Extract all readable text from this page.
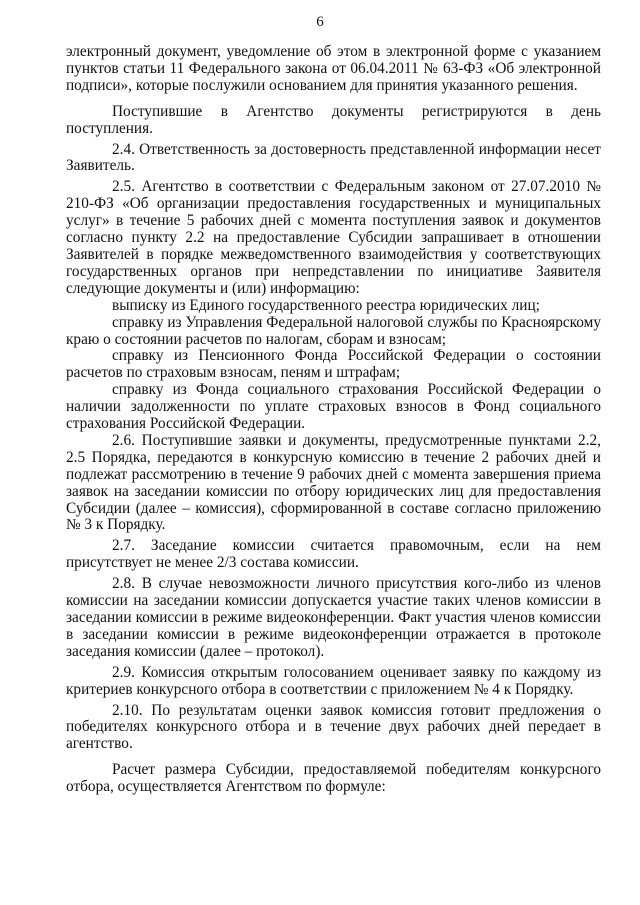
6

электронный документ, уведомление об этом в электронной форме с указанием пунктов статьи 11 Федерального закона от 06.04.2011 № 63-ФЗ «Об электронной подписи», которые послужили основанием для принятия указанного решения.

Поступившие в Агентство документы регистрируются в день поступления.

2.4. Ответственность за достоверность представленной информации несет Заявитель.

2.5. Агентство в соответствии с Федеральным законом от 27.07.2010 № 210-ФЗ «Об организации предоставления государственных и муниципальных услуг» в течение 5 рабочих дней с момента поступления заявок и документов согласно пункту 2.2 на предоставление Субсидии запрашивает в отношении Заявителей в порядке межведомственного взаимодействия у соответствующих государственных органов при непредставлении по инициативе Заявителя следующие документы и (или) информацию:

выписку из Единого государственного реестра юридических лиц;

справку из Управления Федеральной налоговой службы по Красноярскому краю о состоянии расчетов по налогам, сборам и взносам;

справку из Пенсионного Фонда Российской Федерации о состоянии расчетов по страховым взносам, пеням и штрафам;

справку из Фонда социального страхования Российской Федерации о наличии задолженности по уплате страховых взносов в Фонд социального страхования Российской Федерации.

2.6. Поступившие заявки и документы, предусмотренные пунктами 2.2, 2.5 Порядка, передаются в конкурсную комиссию в течение 2 рабочих дней и подлежат рассмотрению в течение 9 рабочих дней с момента завершения приема заявок на заседании комиссии по отбору юридических лиц для предоставления Субсидии (далее – комиссия), сформированной в составе согласно приложению № 3 к Порядку.

2.7. Заседание комиссии считается правомочным, если на нем присутствует не менее 2/3 состава комиссии.

2.8. В случае невозможности личного присутствия кого-либо из членов комиссии на заседании комиссии допускается участие таких членов комиссии в заседании комиссии в режиме видеоконференции. Факт участия членов комиссии в заседании комиссии в режиме видеоконференции отражается в протоколе заседания комиссии (далее – протокол).

2.9. Комиссия открытым голосованием оценивает заявку по каждому из критериев конкурсного отбора в соответствии с приложением № 4 к Порядку.

2.10. По результатам оценки заявок комиссия готовит предложения о победителях конкурсного отбора и в течение двух рабочих дней передает в агентство.

Расчет размера Субсидии, предоставляемой победителям конкурсного отбора, осуществляется Агентством по формуле:
